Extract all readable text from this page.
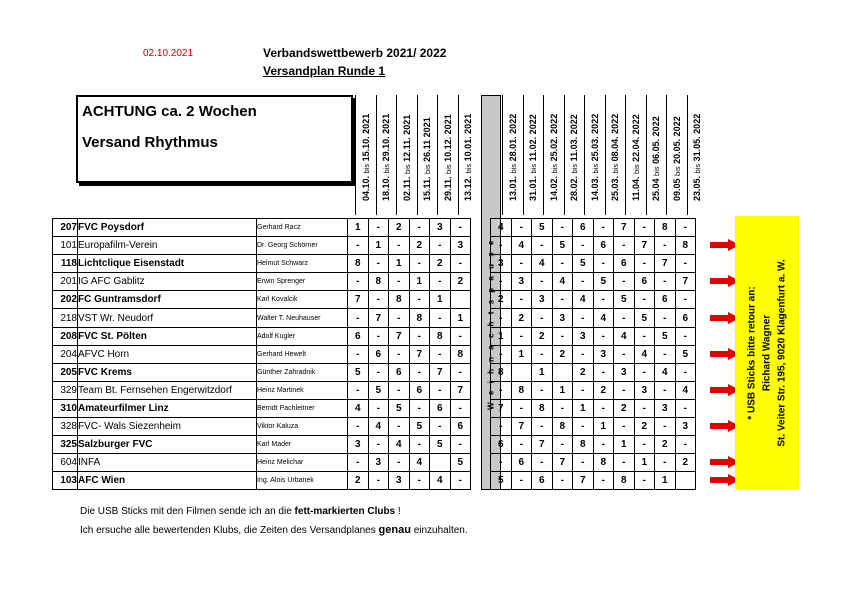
02.10.2021	Verbandswettbewerb 2021/ 2022
Versandplan Runde 1
ACHTUNG ca. 2 Wochen
Versand Rhythmus
04.10. bis 15.10. 2021
18.10. bis 29.10. 2021
02.11. bis 12.11. 2021
15.11. bis 26.11 2021
29.11. bis 10.12. 2021
13.12. bis 10.01. 2021
13.01. bis 28.01. 2022
31.01. bis 11.02. 2022
14.02. bis 25.02. 2022
28.02. bis 11.03. 2022
14.03. bis 25.03. 2022
25.03. bis 08.04. 2022
11.04. bis 22.04. 2022
25.04 bis 06.05. 2022
09.05 bis 20.05. 2022
23.05. bis 31.05. 2022
W e i h n a c h t s p a u s e
207	FVC Poysdorf	Gerhard Racz	1	-	2	-	3	-		4	-	5	-	6	-	7	-	8	-
101	Europafilm-Verein	Dr. Georg Schörner	-	1	-	2	-	3		-	4	-	5	-	6	-	7	-	8
118	Lichtclique Eisenstadt	Helmut Schwarz	8	-	1	-	2	-		3	-	4	-	5	-	6	-	7	-
201	IG AFC Gablitz	Erwin Sprenger	-	8	-	1	-	2		-	3	-	4	-	5	-	6	-	7
202	FC Guntramsdorf	Karl Kovalcik	7	-	8	-	1			2	-	3	-	4	-	5	-	6	-
218	VST Wr. Neudorf	Walter T. Neuhauser	-	7	-	8	-	1		-	2	-	3	-	4	-	5	-	6
208	FVC St. Pölten	Adolf Kugler	6	-	7	-	8	-		1	-	2	-	3	-	4	-	5	-
204	AFVC Horn	Gerhard Hewelt	-	6	-	7	-	8		-	1	-	2	-	3	-	4	-	5
205	FVC Krems	Günther Zahradnik	5	-	6	-	7	-		8		1		2	-	3	-	4	-
329	Team Bt. Fernsehen Engerwitzdorf	Heinz Martinek	-	5	-	6	-	7		-	8	-	1	-	2	-	3	-	4
310	Amateurfilmer Linz	Berndt Pachleitner	4	-	5	-	6	-		7	-	8	-	1	-	2	-	3	-
328	FVC- Wals Siezenheim	Viktor Kaluza	-	4	-	5	-	6		-	7	-	8	-	1	-	2	-	3
325	Salzburger FVC	Karl Mader	3	-	4	-	5	-		6	-	7	-	8	-	1	-	2	-
604	INFA	Heinz Melichar	-	3	-	4		5		-	6	-	7	-	8	-	1	-	2
103	AFC Wien	Ing. Alois Urbanek	2	-	3	-	4	-		5	-	6	-	7	-	8	-	1	
* USB Sticks bitte retour an: Richard Wagner St. Veiter Str. 195, 9020 Klagenfurt a. W.
Die USB Sticks mit den Filmen sende ich an die fett-markierten Clubs !
Ich ersuche alle bewertenden Klubs, die Zeiten des Versandplanes genau einzuhalten.
